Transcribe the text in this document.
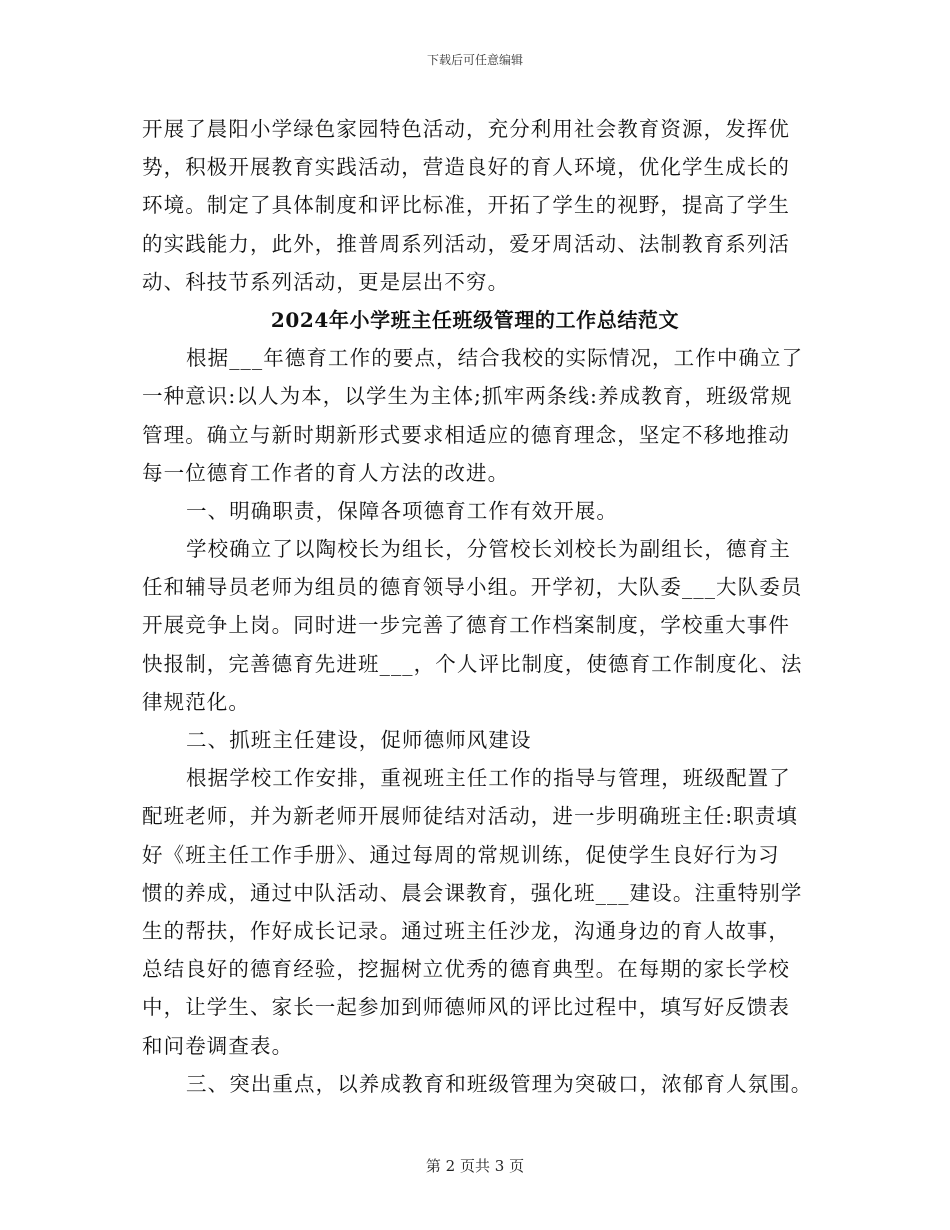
下载后可任意编辑
开展了晨阳小学绿色家园特色活动，充分利用社会教育资源，发挥优
势，积极开展教育实践活动，营造良好的育人环境，优化学生成长的
环境。制定了具体制度和评比标准，开拓了学生的视野，提高了学生
的实践能力，此外，推普周系列活动，爱牙周活动、法制教育系列活
动、科技节系列活动，更是层出不穷。
2024年小学班主任班级管理的工作总结范文
根据___年德育工作的要点，结合我校的实际情况，工作中确立了
一种意识:以人为本，以学生为主体;抓牢两条线:养成教育，班级常规
管理。确立与新时期新形式要求相适应的德育理念，坚定不移地推动
每一位德育工作者的育人方法的改进。
一、明确职责，保障各项德育工作有效开展。
学校确立了以陶校长为组长，分管校长刘校长为副组长，德育主
任和辅导员老师为组员的德育领导小组。开学初，大队委___大队委员
开展竞争上岗。同时进一步完善了德育工作档案制度，学校重大事件
快报制，完善德育先进班___，个人评比制度，使德育工作制度化、法
律规范化。
二、抓班主任建设，促师德师风建设
根据学校工作安排，重视班主任工作的指导与管理，班级配置了
配班老师，并为新老师开展师徒结对活动，进一步明确班主任:职责填
好《班主任工作手册》、通过每周的常规训练，促使学生良好行为习
惯的养成，通过中队活动、晨会课教育，强化班___建设。注重特别学
生的帮扶，作好成长记录。通过班主任沙龙，沟通身边的育人故事，
总结良好的德育经验，挖掘树立优秀的德育典型。在每期的家长学校
中，让学生、家长一起参加到师德师风的评比过程中，填写好反馈表
和问卷调查表。
三、突出重点，以养成教育和班级管理为突破口，浓郁育人氛围。
第 2 页共 3 页
